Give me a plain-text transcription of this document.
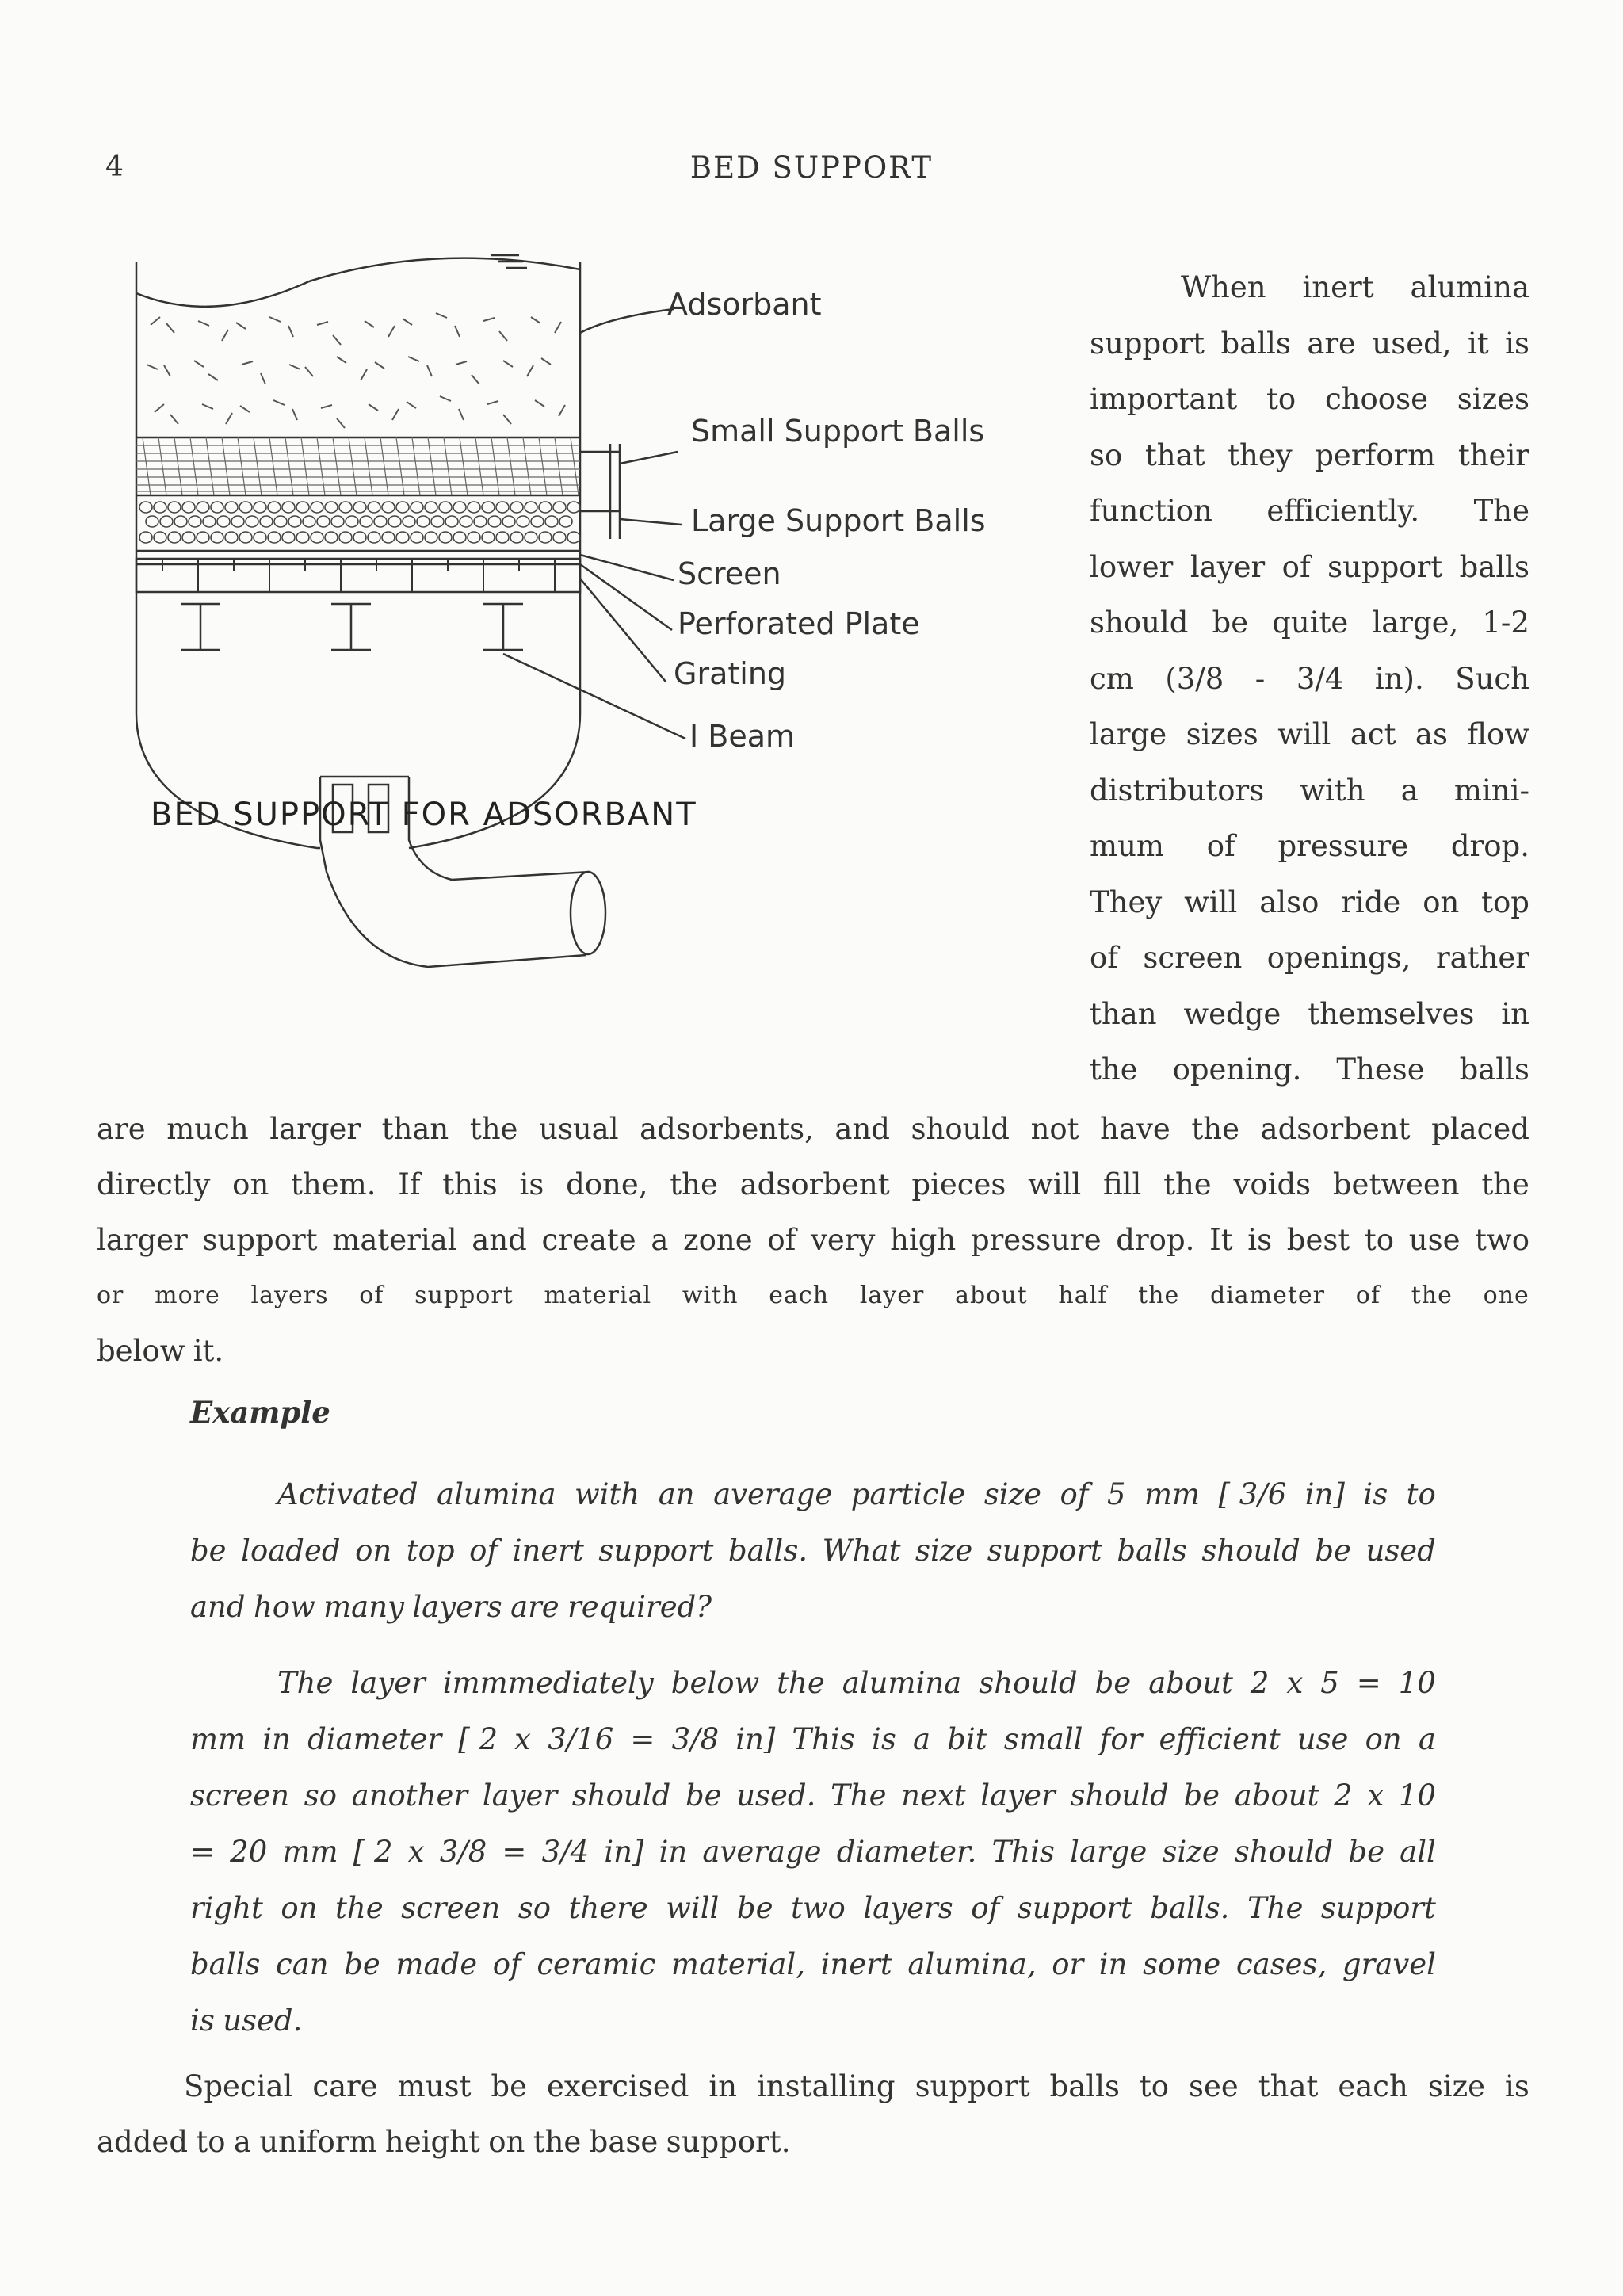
4	BED SUPPORT
Adsorbant
Small Support Balls
Large Support Balls
Screen
Perforated Plate
Grating
I Beam
BED SUPPORT FOR ADSORBANT
When inert alumina
support balls are used, it is
important to choose sizes
so that they perform their
function efficiently. The
lower layer of support balls
should be quite large, 1-2
cm (3/8 - 3/4 in). Such
large sizes will act as flow
distributors with a mini-
mum of pressure drop.
They will also ride on top
of screen openings, rather
than wedge themselves in
the opening. These balls
are much larger than the usual adsorbents, and should not have the adsorbent placed
directly on them. If this is done, the adsorbent pieces will fill the voids between the
larger support material and create a zone of very high pressure drop. It is best to use two
or more layers of support material with each layer about half the diameter of the one
below it.
Example
Activated alumina with an average particle size of 5 mm [ 3/6 in] is to
be loaded on top of inert support balls. What size support balls should be used
and how many layers are required?
The layer immmediately below the alumina should be about 2 x 5 = 10
mm in diameter [ 2 x 3/16 = 3/8 in] This is a bit small for efficient use on a
screen so another layer should be used. The next layer should be about 2 x 10
= 20 mm [ 2 x 3/8 = 3/4 in] in average diameter. This large size should be all
right on the screen so there will be two layers of support balls. The support
balls can be made of ceramic material, inert alumina, or in some cases, gravel
is used.
Special care must be exercised in installing support balls to see that each size is
added to a uniform height on the base support.
